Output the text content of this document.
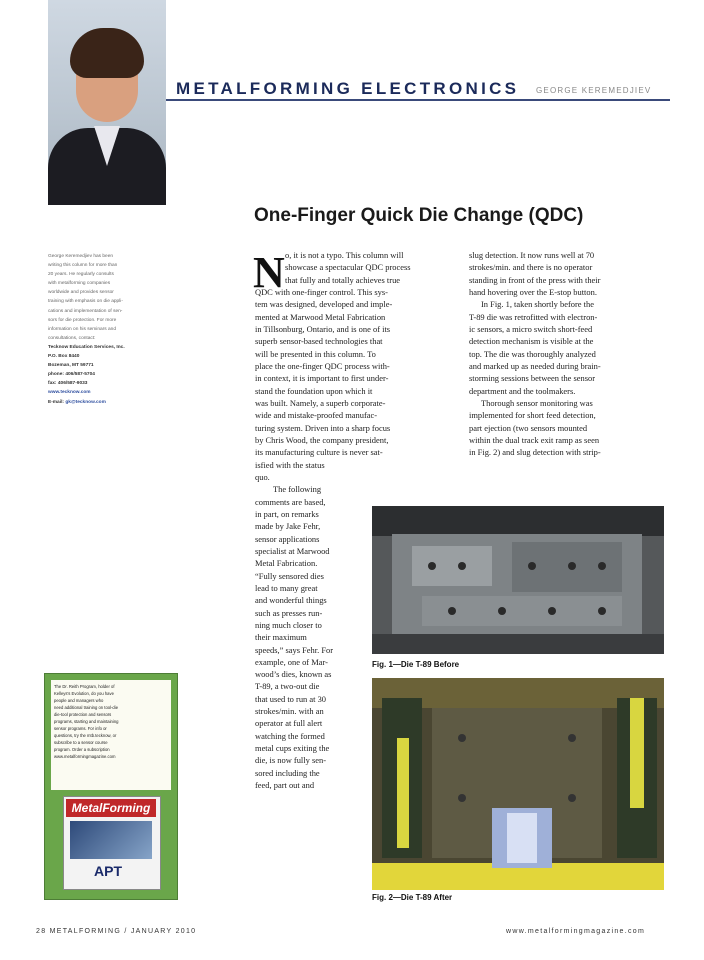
METALFORMING ELECTRONICS GEORGE KEREMEDJIEV
One-Finger Quick Die Change (QDC)
George Keremedjiev has been
writing this column for more than
20 years. He regularly consults
with metalforming companies
worldwide and provides sensor
training with emphasis on die appli-
cations and implementation of sen-
sors for die protection. For more
information on his seminars and
consultations, contact:
Tecknow Education Services, Inc.
P.O. Box 8440
Bozeman, MT 59771
phone: 406/587-5704
fax: 406/587-9033
www.tecknow.com
E-mail: gk@tecknow.com
The Dr. Reith Program, holder of
Kelleys's Evolution, do you have
people and managers who
need additional training on tool-die
die-tool protection and sensors
programs, starting and maintaining
sensor programs. For info or
questions, try the mtb.tecknow, or
subscribe to a sensor course
program. Order a subscription
www.metalformingmagazine.com
MetalForming
APT
N o, it is not a typo. This column will
showcase a spectacular QDC process
that fully and totally achieves true
QDC with one-finger control. This sys-
tem was designed, developed and imple-
mented at Marwood Metal Fabrication
in Tillsonburg, Ontario, and is one of its
superb sensor-based technologies that
will be presented in this column. To
place the one-finger QDC process with-
in context, it is important to first under-
stand the foundation upon which it
was built. Namely, a superb corporate-
wide and mistake-proofed manufac-
turing system. Driven into a sharp focus
by Chris Wood, the company president,
its manufacturing culture is never sat-
isfied with the status
quo.
The following
comments are based,
in part, on remarks
made by Jake Fehr,
sensor applications
specialist at Marwood
Metal Fabrication.
“Fully sensored dies
lead to many great
and wonderful things
such as presses run-
ning much closer to
their maximum
speeds,” says Fehr. For
example, one of Mar-
wood’s dies, known as
T-89, a two-out die
that used to run at 30
strokes/min. with an
operator at full alert
watching the formed
metal cups exiting the
die, is now fully sen-
sored including the
feed, part out and
slug detection. It now runs well at 70
strokes/min. and there is no operator
standing in front of the press with their
hand hovering over the E-stop button.
In Fig. 1, taken shortly before the
T-89 die was retrofitted with electron-
ic sensors, a micro switch short-feed
detection mechanism is visible at the
top. The die was thoroughly analyzed
and marked up as needed during brain-
storming sessions between the sensor
department and the toolmakers.
Thorough sensor monitoring was
implemented for short feed detection,
part ejection (two sensors mounted
within the dual track exit ramp as seen
in Fig. 2) and slug detection with strip-
Fig. 1—Die T-89 Before
Fig. 2—Die T-89 After
28 METALFORMING / JANUARY 2010	www.metalformingmagazine.com
